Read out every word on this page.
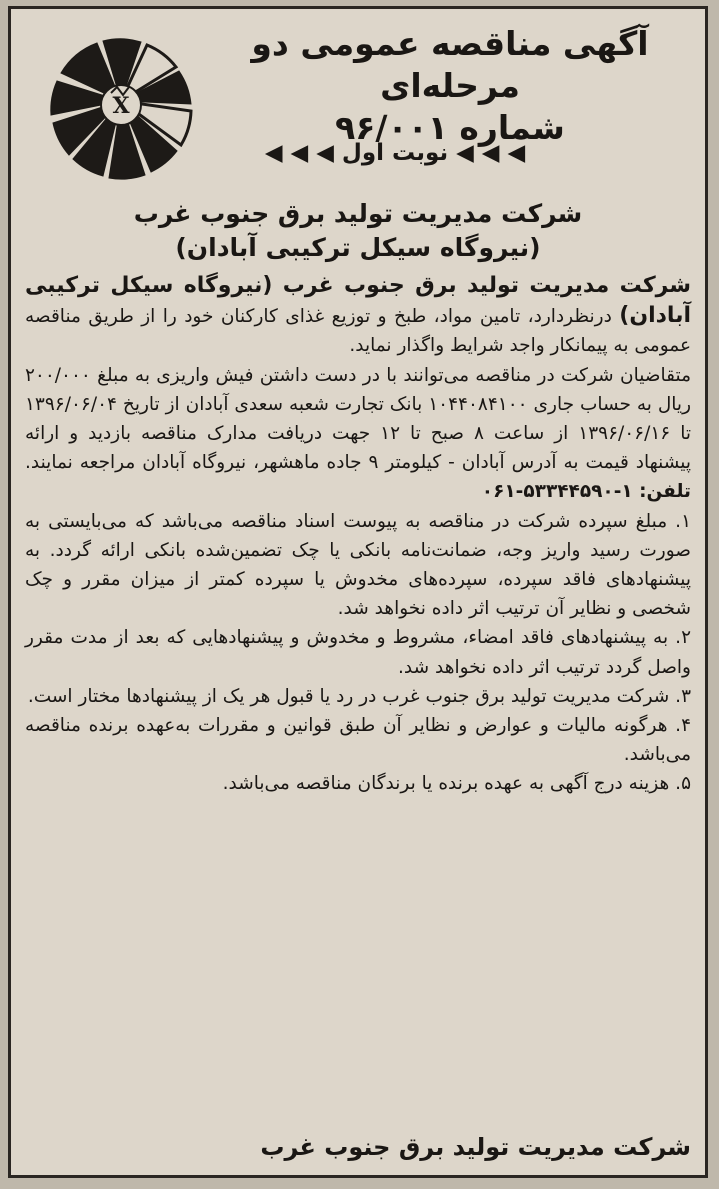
X
آگهی مناقصه عمومی دو مرحله‌ای
شماره ۹۶/۰۰۱
◀ ◀ ◀ نوبت اول ◀ ◀ ◀
شرکت مدیریت تولید برق جنوب غرب
(نیروگاه سیکل ترکیبی آبادان)

شرکت مدیریت تولید برق جنوب غرب (نیروگاه سیکل ترکیبی آبادان) درنظردارد، تامین مواد، طبخ و توزیع غذای کارکنان خود را از طریق مناقصه عمومی به پیمانکار واجد شرایط واگذار نماید.

متقاضیان شرکت در مناقصه می‌توانند با در دست داشتن فیش واریزی به مبلغ ۲۰۰/۰۰۰ ریال به حساب جاری ۱۰۴۴۰۸۴۱۰۰ بانک تجارت شعبه سعدی آبادان از تاریخ ۱۳۹۶/۰۶/۰۴ تا ۱۳۹۶/۰۶/۱۶ از ساعت ۸ صبح تا ۱۲ جهت دریافت مدارک مناقصه بازدید و ارائه پیشنهاد قیمت به آدرس آبادان - کیلومتر ۹ جاده ماهشهر، نیروگاه آبادان مراجعه نمایند. تلفن: ۱-۵۳۳۴۴۵۹۰-۰۶۱

۱. مبلغ سپرده شرکت در مناقصه به پیوست اسناد مناقصه می‌باشد که می‌بایستی به صورت رسید واریز وجه، ضمانت‌نامه بانکی یا چک تضمین‌شده بانکی ارائه گردد. به پیشنهادهای فاقد سپرده، سپرده‌های مخدوش یا سپرده کمتر از میزان مقرر و چک شخصی و نظایر آن ترتیب اثر داده نخواهد شد.

۲. به پیشنهادهای فاقد امضاء، مشروط و مخدوش و پیشنهادهایی که بعد از مدت مقرر واصل گردد ترتیب اثر داده نخواهد شد.

۳. شرکت مدیریت تولید برق جنوب غرب در رد یا قبول هر یک از پیشنهادها مختار است.

۴. هرگونه مالیات و عوارض و نظایر آن طبق قوانین و مقررات به‌عهده برنده مناقصه می‌باشد.

۵. هزینه درج آگهی به عهده برنده یا برندگان مناقصه می‌باشد.

شرکت مدیریت تولید برق جنوب غرب
